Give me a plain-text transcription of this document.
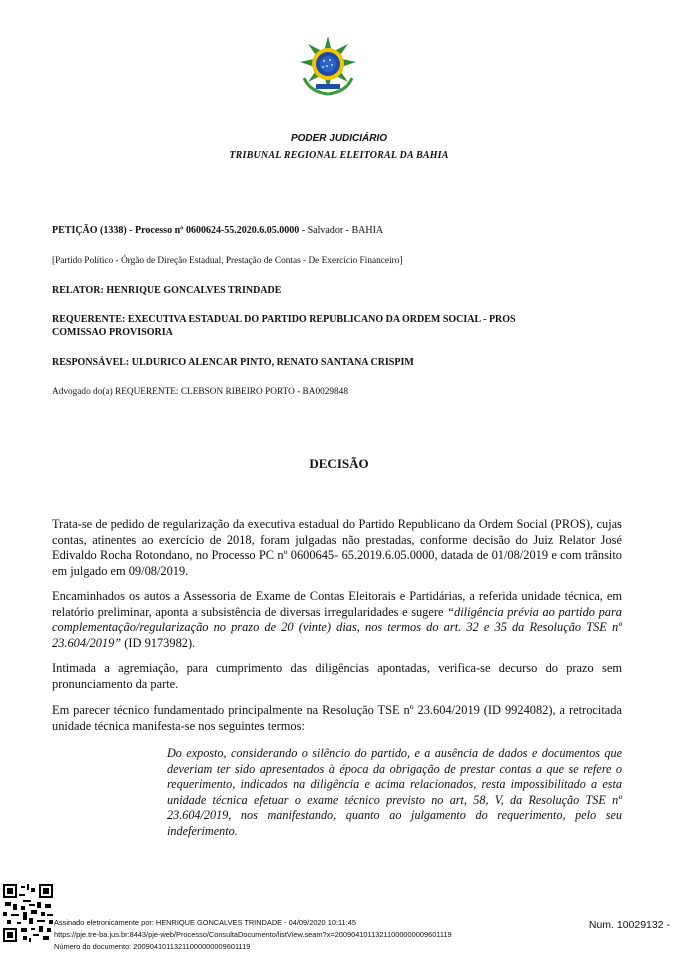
PODER JUDICIÁRIO
TRIBUNAL REGIONAL ELEITORAL DA BAHIA
PETIÇÃO (1338) - Processo nº 0600624-55.2020.6.05.0000 - Salvador - BAHIA
[Partido Político - Órgão de Direção Estadual, Prestação de Contas - De Exercício Financeiro]
RELATOR: HENRIQUE GONCALVES TRINDADE
REQUERENTE: EXECUTIVA ESTADUAL DO PARTIDO REPUBLICANO DA ORDEM SOCIAL - PROS
COMISSAO PROVISORIA
RESPONSÁVEL: ULDURICO ALENCAR PINTO, RENATO SANTANA CRISPIM
Advogado do(a) REQUERENTE: CLEBSON RIBEIRO PORTO - BA0029848
DECISÃO
Trata-se de pedido de regularização da executiva estadual do Partido Republicano da Ordem Social (PROS), cujas contas, atinentes ao exercício de 2018, foram julgadas não prestadas, conforme decisão do Juiz Relator José Edivaldo Rocha Rotondano, no Processo PC nº 0600645- 65.2019.6.05.0000, datada de 01/08/2019 e com trânsito em julgado em 09/08/2019.
Encaminhados os autos a Assessoria de Exame de Contas Eleitorais e Partidárias, a referida unidade técnica, em relatório preliminar, aponta a subsistência de diversas irregularidades e sugere “diligência prévia ao partido para complementação/regularização no prazo de 20 (vinte) dias, nos termos do art. 32 e 35 da Resolução TSE nº 23.604/2019” (ID 9173982).
Intimada a agremiação, para cumprimento das diligências apontadas, verifica-se decurso do prazo sem pronunciamento da parte.
Em parecer técnico fundamentado principalmente na Resolução TSE nº 23.604/2019 (ID 9924082), a retrocitada unidade técnica manifesta-se nos seguintes termos:
Do exposto, considerando o silêncio do partido, e a ausência de dados e documentos que deveriam ter sido apresentados à época da obrigação de prestar contas a que se refere o requerimento, indicados na diligência e acima relacionados, resta impossibilitado a esta unidade técnica efetuar o exame técnico previsto no art, 58, V, da Resolução TSE nº 23.604/2019, nos manifestando, quanto ao julgamento do requerimento, pelo seu indeferimento.
Assinado eletronicamente por: HENRIQUE GONCALVES TRINDADE - 04/09/2020 10:11:45
https://pje.tre-ba.jus.br:8443/pje-web/Processo/ConsultaDocumento/listView.seam?x=20090410113211000000009601119
Número do documento: 20090410113211000000009601119
Num. 10029132 -
